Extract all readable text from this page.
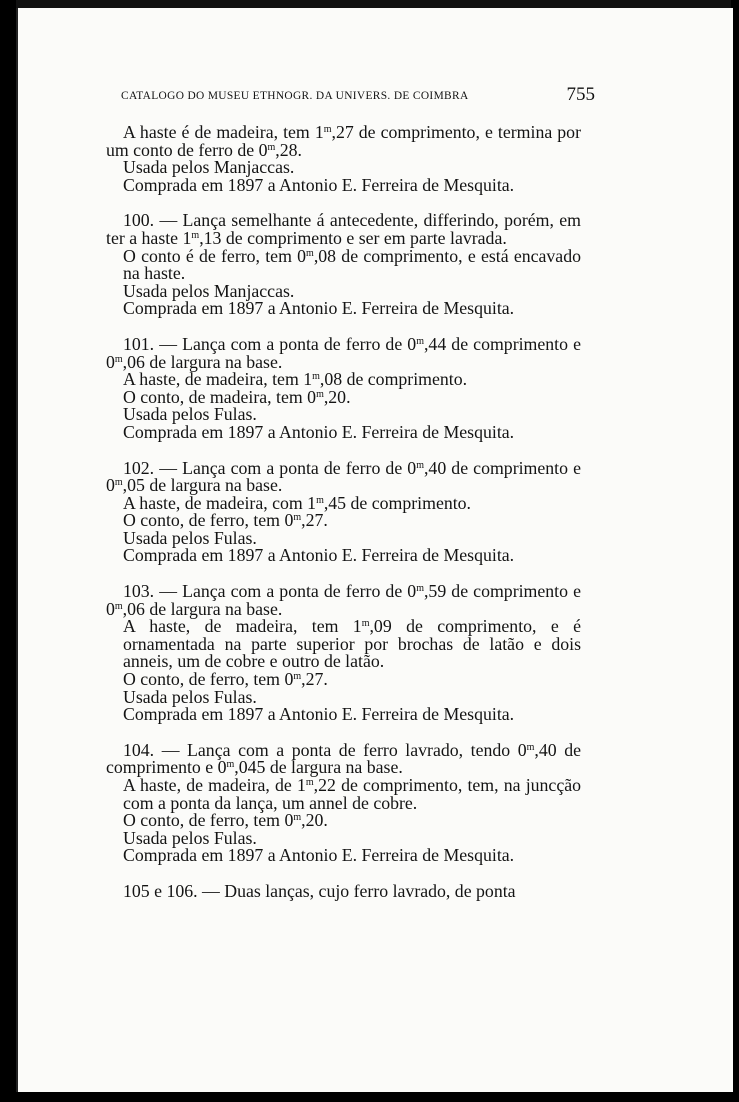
CATALOGO DO MUSEU ETHNOGR. DA UNIVERS. DE COIMBRA	755

A haste é de madeira, tem 1$^m$,27 de comprimento, e termina por um conto de ferro de 0$^m$,28.

Usada pelos Manjaccas.

Comprada em 1897 a Antonio E. Ferreira de Mesquita.

100. — Lança semelhante á antecedente, differindo, porém, em ter a haste 1$^m$,13 de comprimento e ser em parte lavrada.

O conto é de ferro, tem 0$^m$,08 de comprimento, e está encavado na haste.

Usada pelos Manjaccas.

Comprada em 1897 a Antonio E. Ferreira de Mesquita.

101. — Lança com a ponta de ferro de 0$^m$,44 de comprimento e 0$^m$,06 de largura na base.

A haste, de madeira, tem 1$^m$,08 de comprimento.

O conto, de madeira, tem 0$^m$,20.

Usada pelos Fulas.

Comprada em 1897 a Antonio E. Ferreira de Mesquita.

102. — Lança com a ponta de ferro de 0$^m$,40 de comprimento e 0$^m$,05 de largura na base.

A haste, de madeira, com 1$^m$,45 de comprimento.

O conto, de ferro, tem 0$^m$,27.

Usada pelos Fulas.

Comprada em 1897 a Antonio E. Ferreira de Mesquita.

103. — Lança com a ponta de ferro de 0$^m$,59 de comprimento e 0$^m$,06 de largura na base.

A haste, de madeira, tem 1$^m$,09 de comprimento, e é ornamentada na parte superior por brochas de latão e dois anneis, um de cobre e outro de latão.

O conto, de ferro, tem 0$^m$,27.

Usada pelos Fulas.

Comprada em 1897 a Antonio E. Ferreira de Mesquita.

104. — Lança com a ponta de ferro lavrado, tendo 0$^m$,40 de comprimento e 0$^m$,045 de largura na base.

A haste, de madeira, de 1$^m$,22 de comprimento, tem, na juncção com a ponta da lança, um annel de cobre.

O conto, de ferro, tem 0$^m$,20.

Usada pelos Fulas.

Comprada em 1897 a Antonio E. Ferreira de Mesquita.

105 e 106. — Duas lanças, cujo ferro lavrado, de ponta
